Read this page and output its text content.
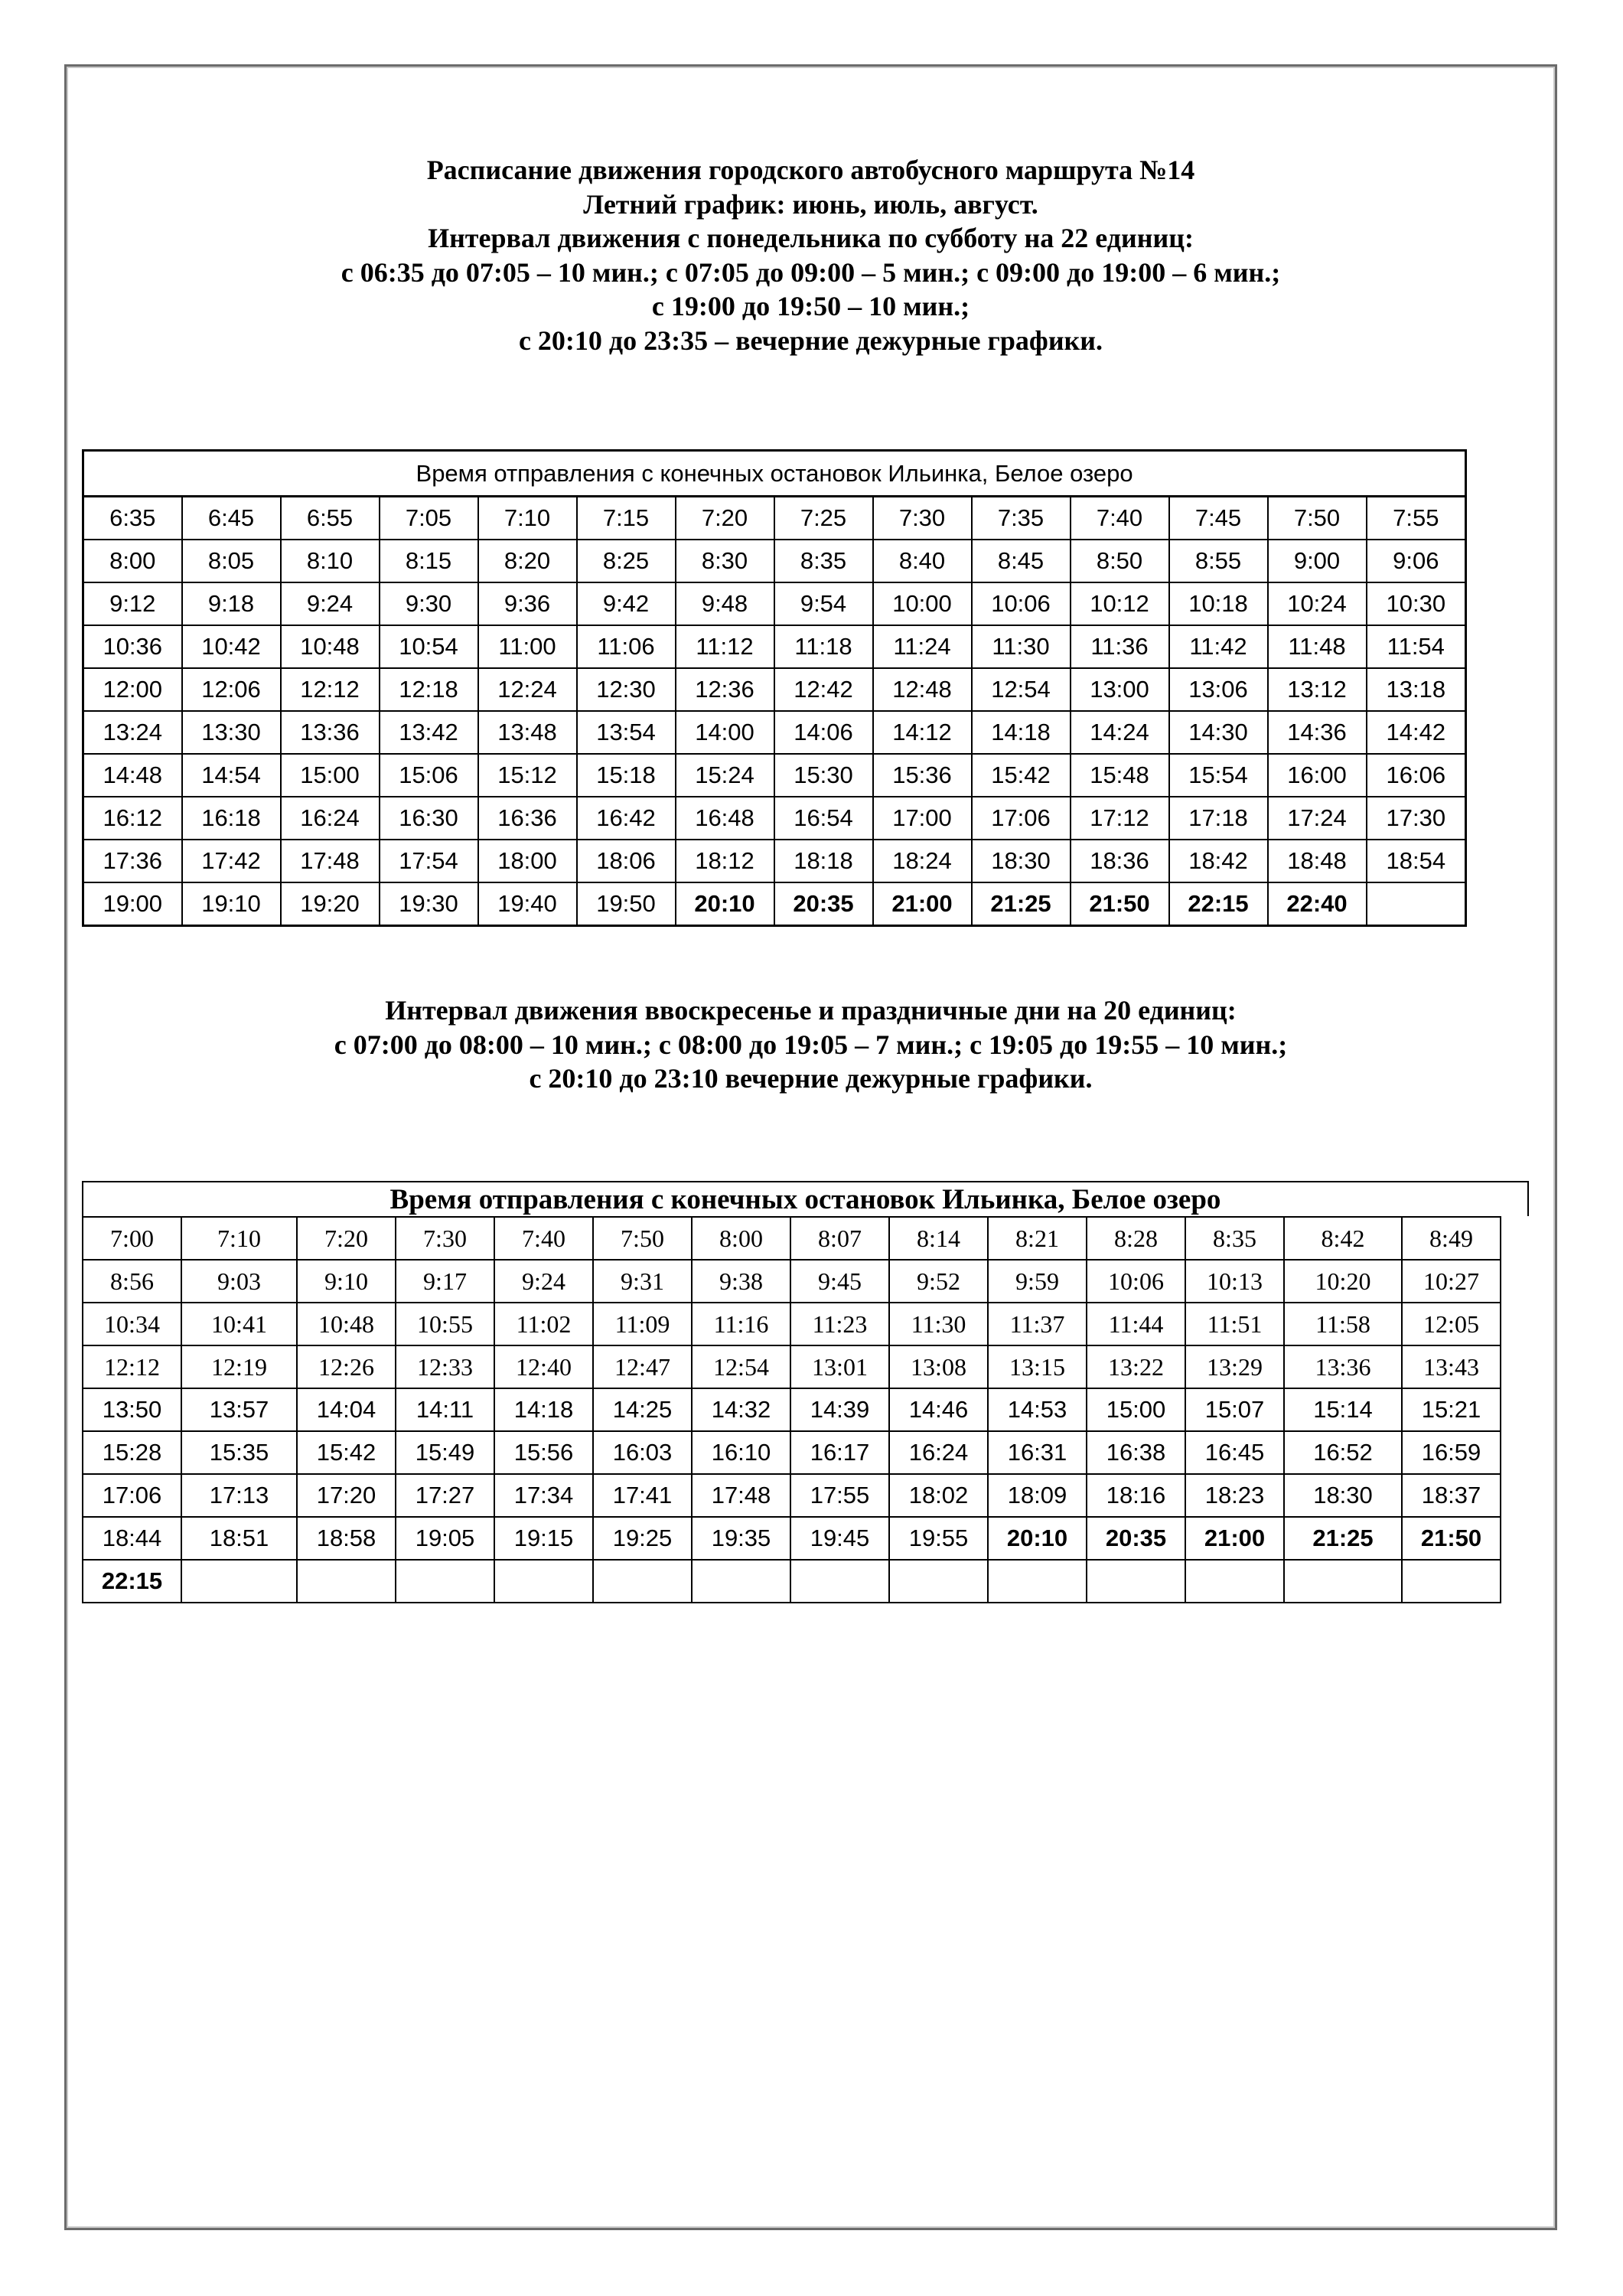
Расписание движения городского автобусного маршрута №14
Летний график: июнь, июль, август.
Интервал движения с понедельника по субботу на 22 единиц:
с 06:35 до 07:05 – 10 мин.; с 07:05 до 09:00 – 5 мин.; с 09:00 до 19:00 – 6 мин.;
с 19:00 до 19:50 – 10 мин.;
с 20:10 до 23:35 – вечерние дежурные графики.
Время отправления с конечных остановок Ильинка, Белое озеро													
6:35	6:45	6:55	7:05	7:10	7:15	7:20	7:25	7:30	7:35	7:40	7:45	7:50	7:55
8:00	8:05	8:10	8:15	8:20	8:25	8:30	8:35	8:40	8:45	8:50	8:55	9:00	9:06
9:12	9:18	9:24	9:30	9:36	9:42	9:48	9:54	10:00	10:06	10:12	10:18	10:24	10:30
10:36	10:42	10:48	10:54	11:00	11:06	11:12	11:18	11:24	11:30	11:36	11:42	11:48	11:54
12:00	12:06	12:12	12:18	12:24	12:30	12:36	12:42	12:48	12:54	13:00	13:06	13:12	13:18
13:24	13:30	13:36	13:42	13:48	13:54	14:00	14:06	14:12	14:18	14:24	14:30	14:36	14:42
14:48	14:54	15:00	15:06	15:12	15:18	15:24	15:30	15:36	15:42	15:48	15:54	16:00	16:06
16:12	16:18	16:24	16:30	16:36	16:42	16:48	16:54	17:00	17:06	17:12	17:18	17:24	17:30
17:36	17:42	17:48	17:54	18:00	18:06	18:12	18:18	18:24	18:30	18:36	18:42	18:48	18:54
19:00	19:10	19:20	19:30	19:40	19:50	20:10	20:35	21:00	21:25	21:50	22:15	22:40	
Интервал движения ввоскресенье и праздничные дни на 20 единиц:
с 07:00 до 08:00 – 10 мин.; с 08:00 до 19:05 – 7 мин.; с 19:05 до 19:55 – 10 мин.;
с 20:10 до 23:10 вечерние дежурные графики.
Время отправления с конечных остановок Ильинка, Белое озеро
7:00	7:10	7:20	7:30	7:40	7:50	8:00	8:07	8:14	8:21	8:28	8:35	8:42	8:49
8:56	9:03	9:10	9:17	9:24	9:31	9:38	9:45	9:52	9:59	10:06	10:13	10:20	10:27
10:34	10:41	10:48	10:55	11:02	11:09	11:16	11:23	11:30	11:37	11:44	11:51	11:58	12:05
12:12	12:19	12:26	12:33	12:40	12:47	12:54	13:01	13:08	13:15	13:22	13:29	13:36	13:43
13:50	13:57	14:04	14:11	14:18	14:25	14:32	14:39	14:46	14:53	15:00	15:07	15:14	15:21
15:28	15:35	15:42	15:49	15:56	16:03	16:10	16:17	16:24	16:31	16:38	16:45	16:52	16:59
17:06	17:13	17:20	17:27	17:34	17:41	17:48	17:55	18:02	18:09	18:16	18:23	18:30	18:37
18:44	18:51	18:58	19:05	19:15	19:25	19:35	19:45	19:55	20:10	20:35	21:00	21:25	21:50
22:15													
